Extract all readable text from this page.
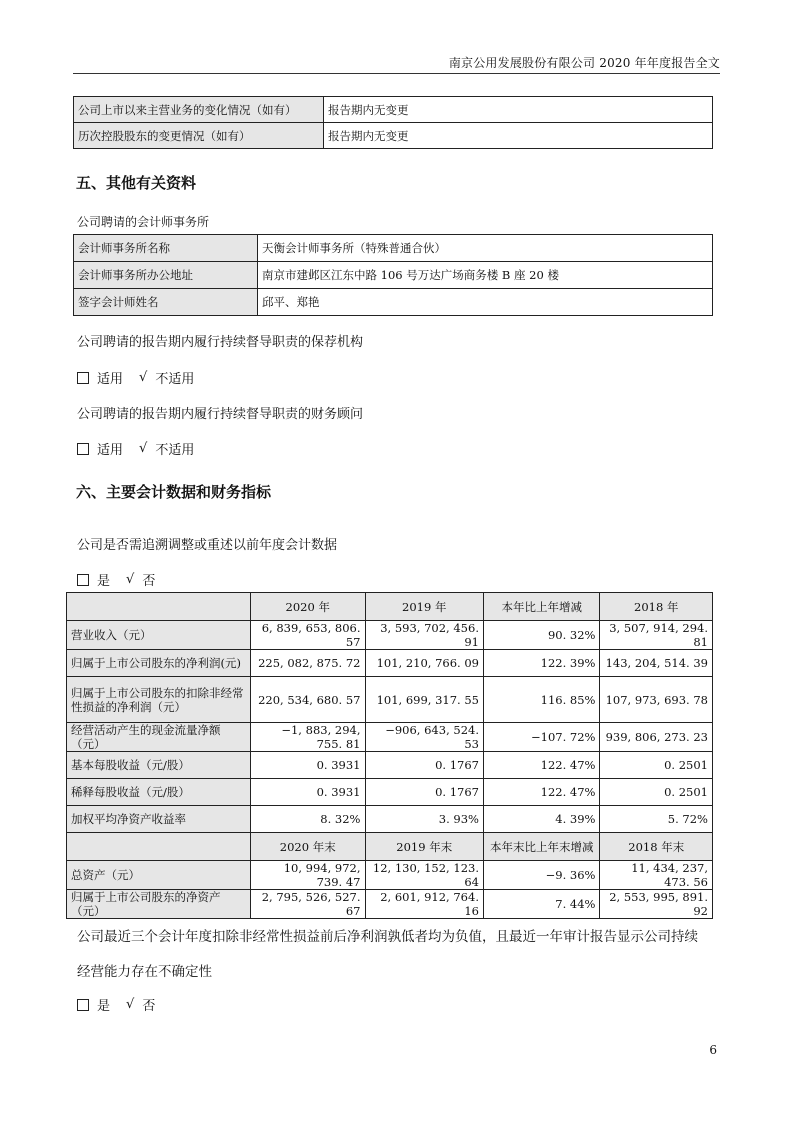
南京公用发展股份有限公司 2020 年年度报告全文
公司上市以来主营业务的变化情况（如有）	报告期内无变更
历次控股股东的变更情况（如有）	报告期内无变更
五、其他有关资料
公司聘请的会计师事务所
会计师事务所名称	天衡会计师事务所（特殊普通合伙）
会计师事务所办公地址	南京市建邺区江东中路 106 号万达广场商务楼 B 座 20 楼
签字会计师姓名	邱平、郑艳
公司聘请的报告期内履行持续督导职责的保荐机构
适用 √ 不适用
公司聘请的报告期内履行持续督导职责的财务顾问
适用 √ 不适用
六、主要会计数据和财务指标
公司是否需追溯调整或重述以前年度会计数据
是 √ 否
	2020 年	2019 年	本年比上年增减	2018 年
营业收入（元）	6, 839, 653, 806. 57	3, 593, 702, 456. 91	90. 32%	3, 507, 914, 294. 81
归属于上市公司股东的净利润(元)	225, 082, 875. 72	101, 210, 766. 09	122. 39%	143, 204, 514. 39
归属于上市公司股东的扣除非经常性损益的净利润（元）	220, 534, 680. 57	101, 699, 317. 55	116. 85%	107, 973, 693. 78
经营活动产生的现金流量净额（元）	−1, 883, 294, 755. 81	−906, 643, 524. 53	−107. 72%	939, 806, 273. 23
基本每股收益（元/股）	0. 3931	0. 1767	122. 47%	0. 2501
稀释每股收益（元/股）	0. 3931	0. 1767	122. 47%	0. 2501
加权平均净资产收益率	8. 32%	3. 93%	4. 39%	5. 72%
	2020 年末	2019 年末	本年末比上年末增减	2018 年末
总资产（元）	10, 994, 972, 739. 47	12, 130, 152, 123. 64	−9. 36%	11, 434, 237, 473. 56
归属于上市公司股东的净资产（元）	2, 795, 526, 527. 67	2, 601, 912, 764. 16	7. 44%	2, 553, 995, 891. 92
公司最近三个会计年度扣除非经常性损益前后净利润孰低者均为负值，且最近一年审计报告显示公司持续
经营能力存在不确定性
是 √ 否
6
